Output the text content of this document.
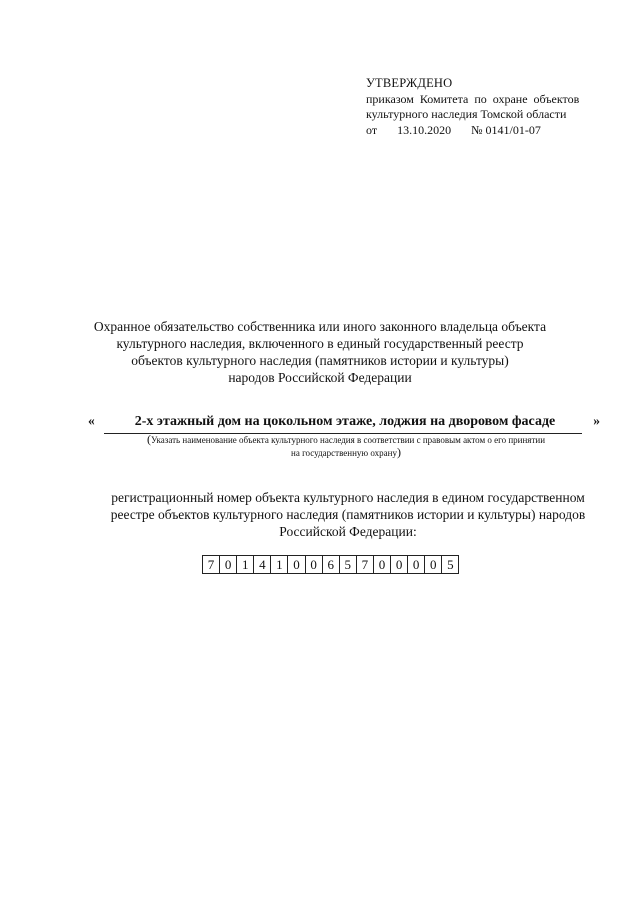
УТВЕРЖДЕНО
приказом Комитета по охране объектов
культурного наследия Томской области
от 13.10.2020 № 0141/01-07
Охранное обязательство собственника или иного законного владельца объекта
культурного наследия, включенного в единый государственный реестр
объектов культурного наследия (памятников истории и культуры)
народов Российской Федерации
«	2-х этажный дом на цокольном этаже, лоджия на дворовом фасаде	»
(Указать наименование объекта культурного наследия в соответствии с правовым актом о его принятии
на государственную охрану)
регистрационный номер объекта культурного наследия в едином государственном
реестре объектов культурного наследия (памятников истории и культуры) народов
Российской Федерации:
7 0 1 4 1 0 0 6 5 7 0 0 0 0 5
